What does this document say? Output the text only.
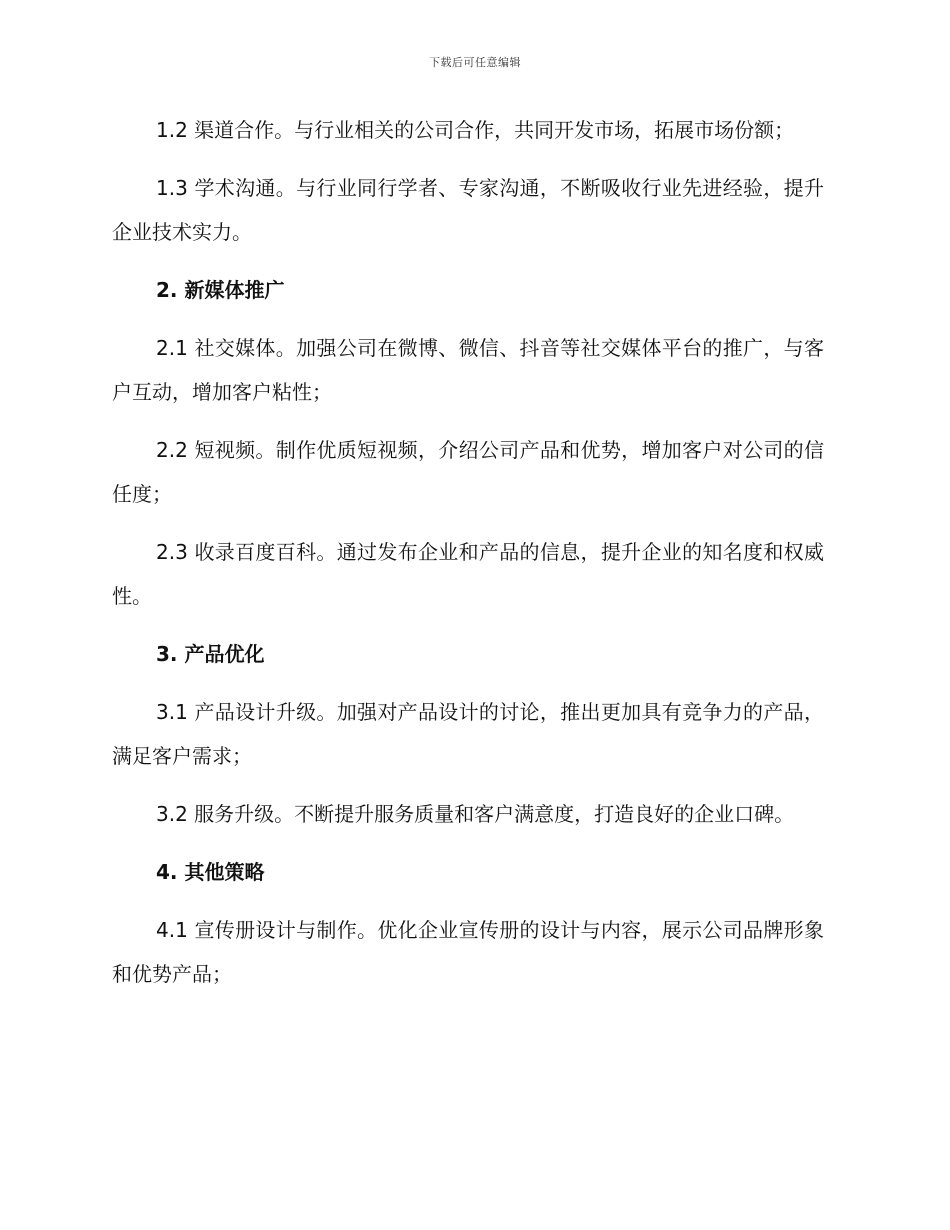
下载后可任意编辑

1.2 渠道合作。与行业相关的公司合作，共同开发市场，拓展市场份额；

1.3 学术沟通。与行业同行学者、专家沟通，不断吸收行业先进经验，提升企业技术实力。

2. 新媒体推广

2.1 社交媒体。加强公司在微博、微信、抖音等社交媒体平台的推广，与客户互动，增加客户粘性；

2.2 短视频。制作优质短视频，介绍公司产品和优势，增加客户对公司的信任度；

2.3 收录百度百科。通过发布企业和产品的信息，提升企业的知名度和权威性。

3. 产品优化

3.1 产品设计升级。加强对产品设计的讨论，推出更加具有竞争力的产品，满足客户需求；

3.2 服务升级。不断提升服务质量和客户满意度，打造良好的企业口碑。

4. 其他策略

4.1 宣传册设计与制作。优化企业宣传册的设计与内容，展示公司品牌形象和优势产品；
